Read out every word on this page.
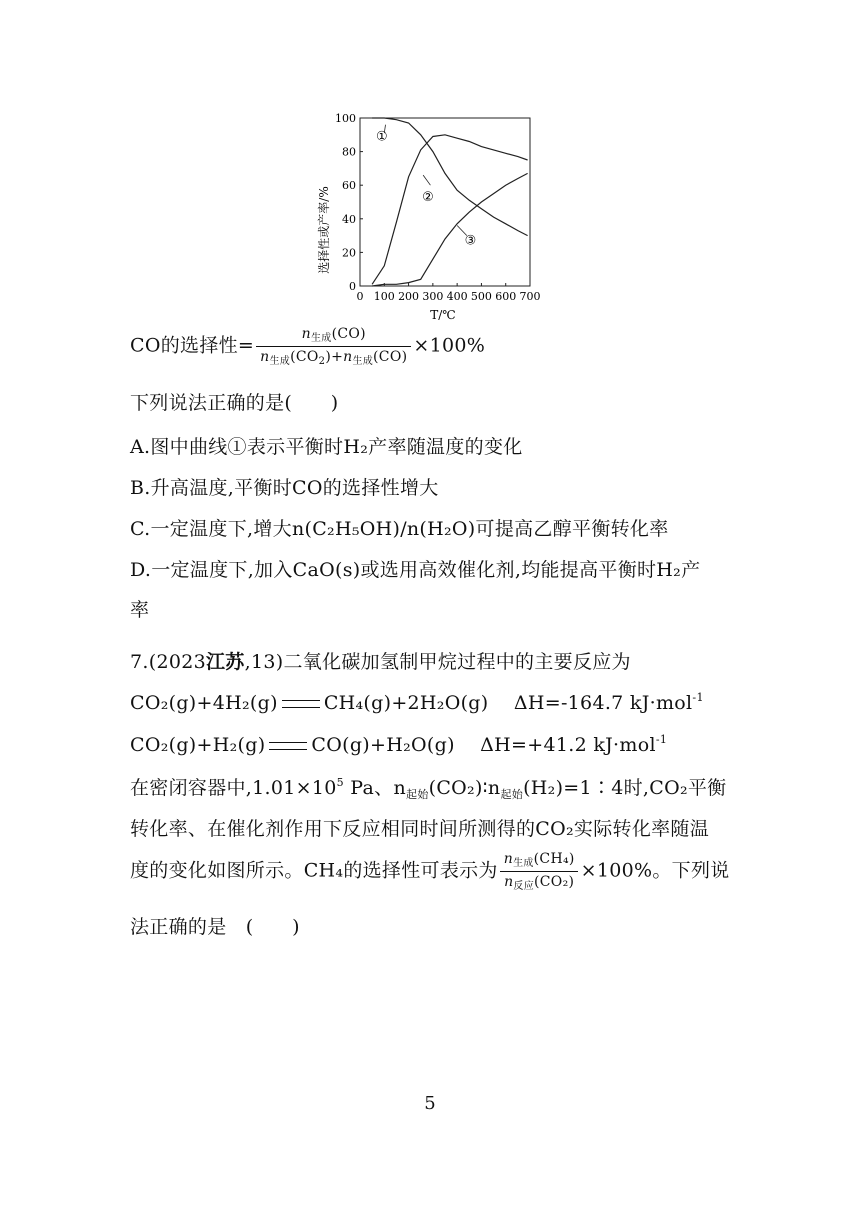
0 100 200 300 400 500 600 700
0
20
40
60
80
100
①
②
③
选择性或产率/%
T/℃
CO的选择性= $\frac{n_{生成}(CO)}{n_{生成}(CO_2)+n_{生成}(CO)} \times 100\%$
下列说法正确的是(　　)
A.图中曲线①表示平衡时H₂产率随温度的变化
B.升高温度,平衡时CO的选择性增大
C.一定温度下,增大n(C₂H₅OH)/n(H₂O)可提高乙醇平衡转化率
D.一定温度下,加入CaO(s)或选用高效催化剂,均能提高平衡时H₂产
率
7.(2023江苏,13)二氧化碳加氢制甲烷过程中的主要反应为
CO₂(g)+4H₂(g) CH₄(g)+2H₂O(g) ΔH=-164.7 kJ·mol$^{-1}$
CO₂(g)+H₂(g) CO(g)+H₂O(g) ΔH=+41.2 kJ·mol$^{-1}$
在密闭容器中$,1.01\times 10^5$ Pa、$n_{起始}(CO_2)∶n_{起始}(H_2)=1∶4$时,CO₂平衡
转化率、在催化剂作用下反应相同时间所测得的CO₂实际转化率随温
度的变化如图所示。CH₄的选择性可表示为 $\frac{n_{生成}(CH_4)}{n_{反应}(CO_2)} \times 100\%$。下列说
法正确的是　(　　)
5
